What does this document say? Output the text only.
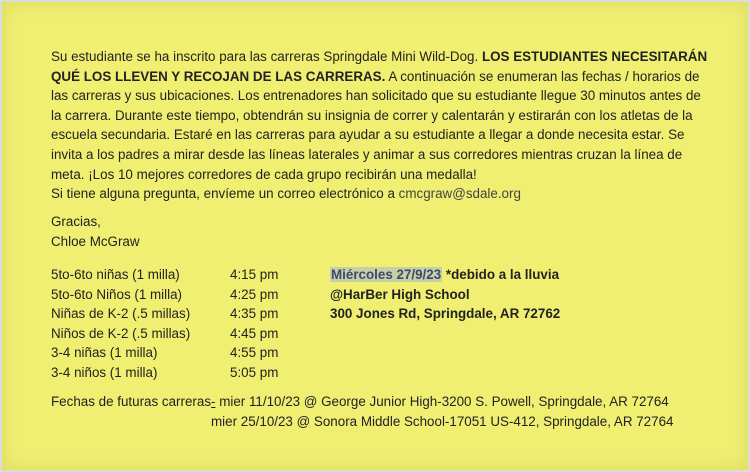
Su estudiante se ha inscrito para las carreras Springdale Mini Wild-Dog. LOS ESTUDIANTES NECESITARÁN QUÉ LOS LLEVEN Y RECOJAN DE LAS CARRERAS. A continuación se enumeran las fechas / horarios de las carreras y sus ubicaciones. Los entrenadores han solicitado que su estudiante llegue 30 minutos antes de la carrera. Durante este tiempo, obtendrán su insignia de correr y calentarán y estirarán con los atletas de la escuela secundaria. Estaré en las carreras para ayudar a su estudiante a llegar a donde necesita estar. Se invita a los padres a mirar desde las líneas laterales y animar a sus corredores mientras cruzan la línea de meta. ¡Los 10 mejores corredores de cada grupo recibirán una medalla!
Si tiene alguna pregunta, envíeme un correo electrónico a cmcgraw@sdale.org

Gracias,
Chloe McGraw
5to-6to niñas (1 milla)
5to-6to Niños (1 milla)
Niñas de K-2 (.5 millas)
Niños de K-2 (.5 millas)
3-4 niñas (1 milla)
3-4 niños (1 milla)
4:15 pm
4:25 pm
4:35 pm
4:45 pm
4:55 pm
5:05 pm
Miércoles 27/9/23 *debido a la lluvia
@HarBer High School
300 Jones Rd, Springdale, AR 72762
Fechas de futuras carreras- mier 11/10/23 @ George Junior High-3200 S. Powell, Springdale, AR 72764
mier 25/10/23 @ Sonora Middle School-17051 US-412, Springdale, AR 72764
